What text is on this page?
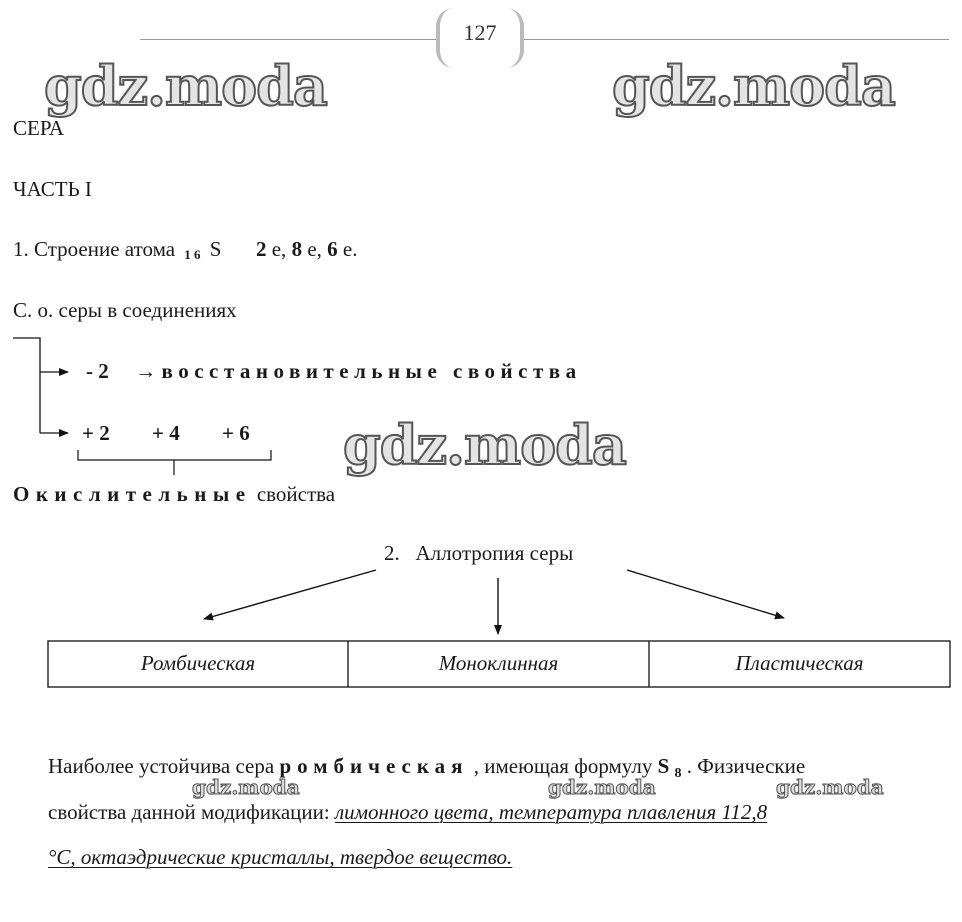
127
gdz.moda	gdz.moda
gdz.moda
gdz.moda	gdz.moda	gdz.moda
СЕРА
ЧАСТЬ I
1. Строение атома 1 6 S 2 е, 8 е, 6 е.
С. о. серы в соединениях
- 2 → восстановительные свойства
+ 2 + 4 + 6
Окислительные свойства
2.   Аллотропия серы
Ромбическая	Моноклинная	Пластическая
Наиболее устойчива сера ромбическая , имеющая формулу S 8 . Физические
свойства данной модификации: лимонного цвета, температура плавления 112,8
°С, октаэдрические кристаллы, твердое вещество.
